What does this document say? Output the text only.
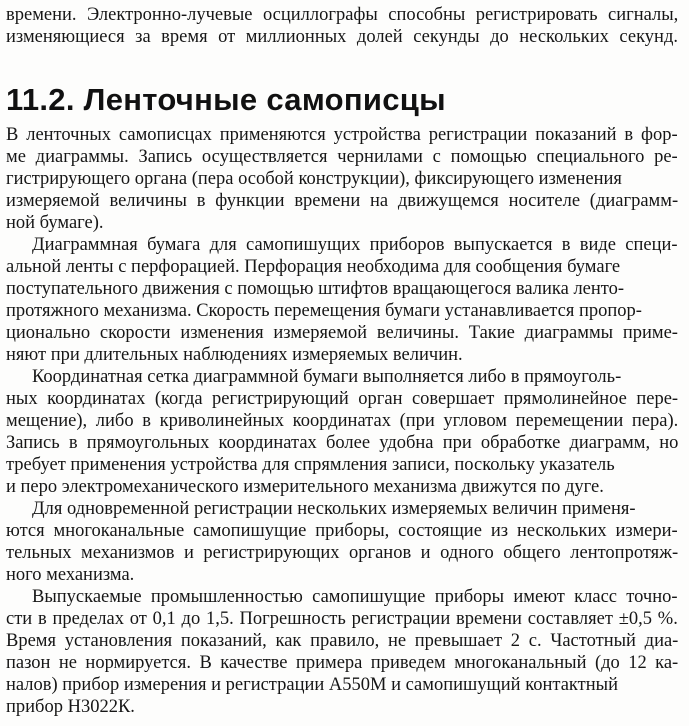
времени. Электронно-лучевые осциллографы способны регистрировать сигналы,
изменяющиеся за время от миллионных долей секунды до нескольких секунд.
11.2. Ленточные самописцы
В ленточных самописцах применяются устройства регистрации показаний в фор-
ме диаграммы. Запись осуществляется чернилами с помощью специального ре-
гистрирующего органа (пера особой конструкции), фиксирующего изменения
измеряемой величины в функции времени на движущемся носителе (диаграмм-
ной бумаге).
Диаграммная бумага для самопишущих приборов выпускается в виде специ-
альной ленты с перфорацией. Перфорация необходима для сообщения бумаге
поступательного движения с помощью штифтов вращающегося валика ленто-
протяжного механизма. Скорость перемещения бумаги устанавливается пропор-
ционально скорости изменения измеряемой величины. Такие диаграммы приме-
няют при длительных наблюдениях измеряемых величин.
Координатная сетка диаграммной бумаги выполняется либо в прямоуголь-
ных координатах (когда регистрирующий орган совершает прямолинейное пере-
мещение), либо в криволинейных координатах (при угловом перемещении пера).
Запись в прямоугольных координатах более удобна при обработке диаграмм, но
требует применения устройства для спрямления записи, поскольку указатель
и перо электромеханического измерительного механизма движутся по дуге.
Для одновременной регистрации нескольких измеряемых величин применя-
ются многоканальные самопишущие приборы, состоящие из нескольких измери-
тельных механизмов и регистрирующих органов и одного общего лентопротяж-
ного механизма.
Выпускаемые промышленностью самопишущие приборы имеют класс точно-
сти в пределах от 0,1 до 1,5. Погрешность регистрации времени составляет ±0,5 %.
Время установления показаний, как правило, не превышает 2 с. Частотный диа-
пазон не нормируется. В качестве примера приведем многоканальный (до 12 ка-
налов) прибор измерения и регистрации А550М и самопишущий контактный
прибор Н3022К.
